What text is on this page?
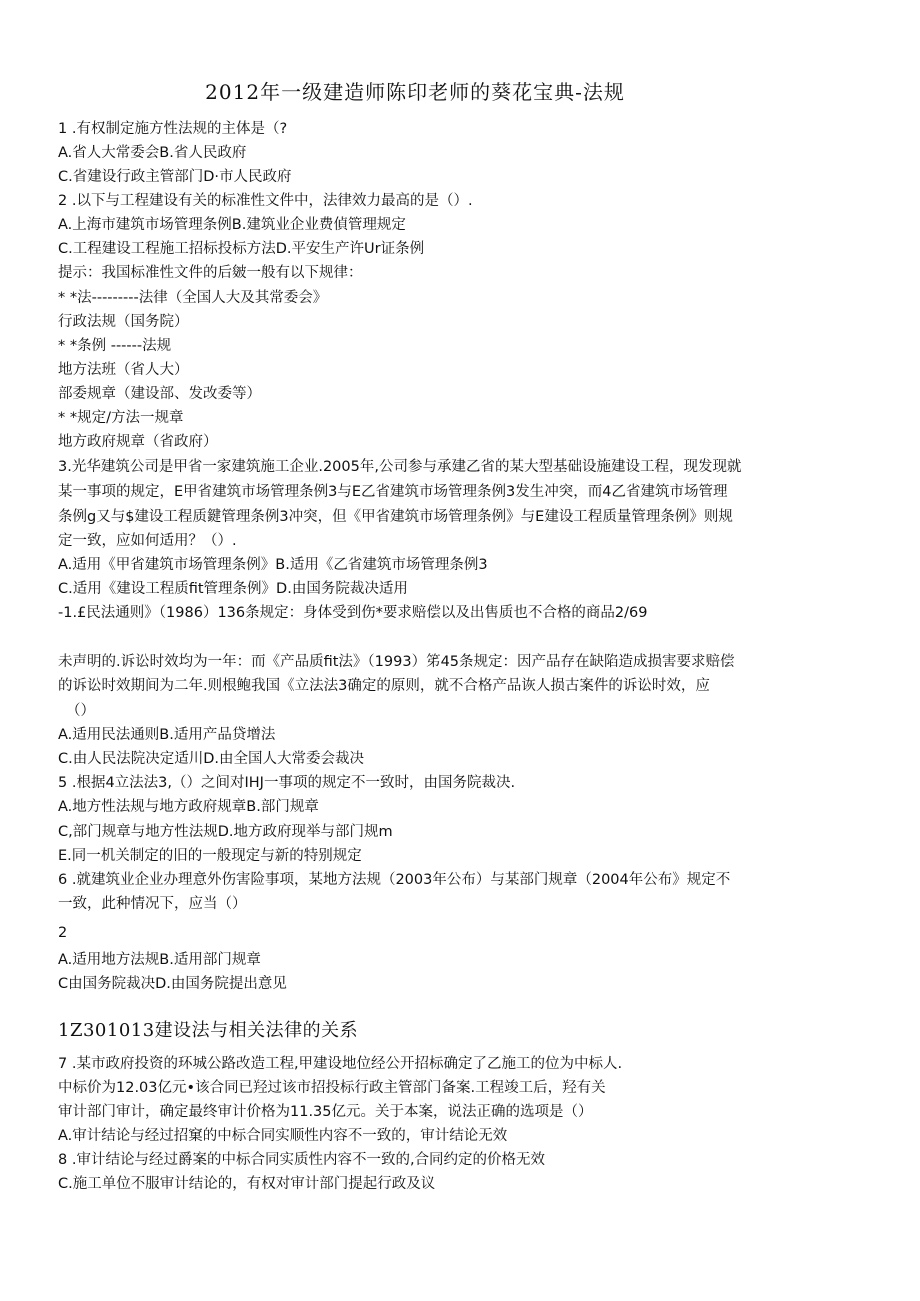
2012年一级建造师陈印老师的葵花宝典-法规
1 .有权制定施方性法规的主体是（?
A.省人大常委会B.省人民政府
C.省建设行政主管部门D·市人民政府
2 .以下与工程建设有关的标准性文件中，法律效力最高的是（）.
A.上海市建筑市场管理条例B.建筑业企业费偵管理规定
C.工程建设工程施工招标投标方法D.平安生产许Ur证条例
提示：我国标准性文件的后皴一般有以下规律：
* *法---------法律（全国人大及其常委会》
行政法规（国务院）
* *条例 ------法规
地方法班（省人大）
部委规章（建设部、发改委等）
* *规定/方法一规章
地方政府规章（省政府）
3.光华建筑公司是甲省一家建筑施工企业.2005年,公司参与承建乙省的某大型基础设施建设工程，现发现就
某一事项的规定，E甲省建筑市场管理条例3与E乙省建筑市场管理条例3发生冲突，而4乙省建筑市场管理
条例g又与$建设工程质鍵管理条例3冲突，但《甲省建筑市场管理条例》与E建设工程质量管理条例》则规
定一致，应如何适用？（）.
A.适用《甲省建筑市场管理条例》B.适用《乙省建筑市场管理条例3
C.适用《建设工程质fit管理条例》D.由国务院裁决适用
-1.£民法通则》（1986）136条规定：身体受到伤*要求赔偿以及出售质也不合格的商品2/69
未声明的.诉讼时效均为一年：而《产品质fit法》（1993）笫45条规定：因产品存在缺陷造成损害要求赔偿
的诉讼时效期间为二年.则根鲍我国《立法法3确定的原则，就不合格产品诙人损古案件的诉讼时效，应
（）
A.适用民法通则B.适用产品贷增法
C.由人民法院决定适川D.由全国人大常委会裁决
5 .根据4立法法3,（）之间对IHJ一事项的规定不一致时，由国务院裁决.
A.地方性法规与地方政府规章B.部门规章
C,部门规章与地方性法规D.地方政府现举与部门规m
E.同一机关制定的旧的一般现定与新的特别规定
6 .就建筑业企业办理意外伤害险事项，某地方法规（2003年公布）与某部门规章（2004年公布》规定不
一致，此种情况下，应当（）
2
A.适用地方法规B.适用部门规章
C由国务院裁决D.由国务院提出意见
1Z301013建设法与相关法律的关系
7 .某市政府投资的环城公路改造工程,甲建设地位经公开招标确定了乙施工的位为中标人.
中标价为12.03亿元•该合同已羟过该市招投标行政主管部门备案.工程竣工后，羟有关
审计部门审计，确定最终审计价格为11.35亿元。关于本案，说法正确的选项是（）
A.审计结论与经过招窠的中标合同实顺性内容不一致的，审计结论无效
8 .审计结论与经过爵案的中标合同实质性内容不一致的,合同约定的价格无效
C.施工单位不服审计结论的，有权对审计部门提起行政及议
